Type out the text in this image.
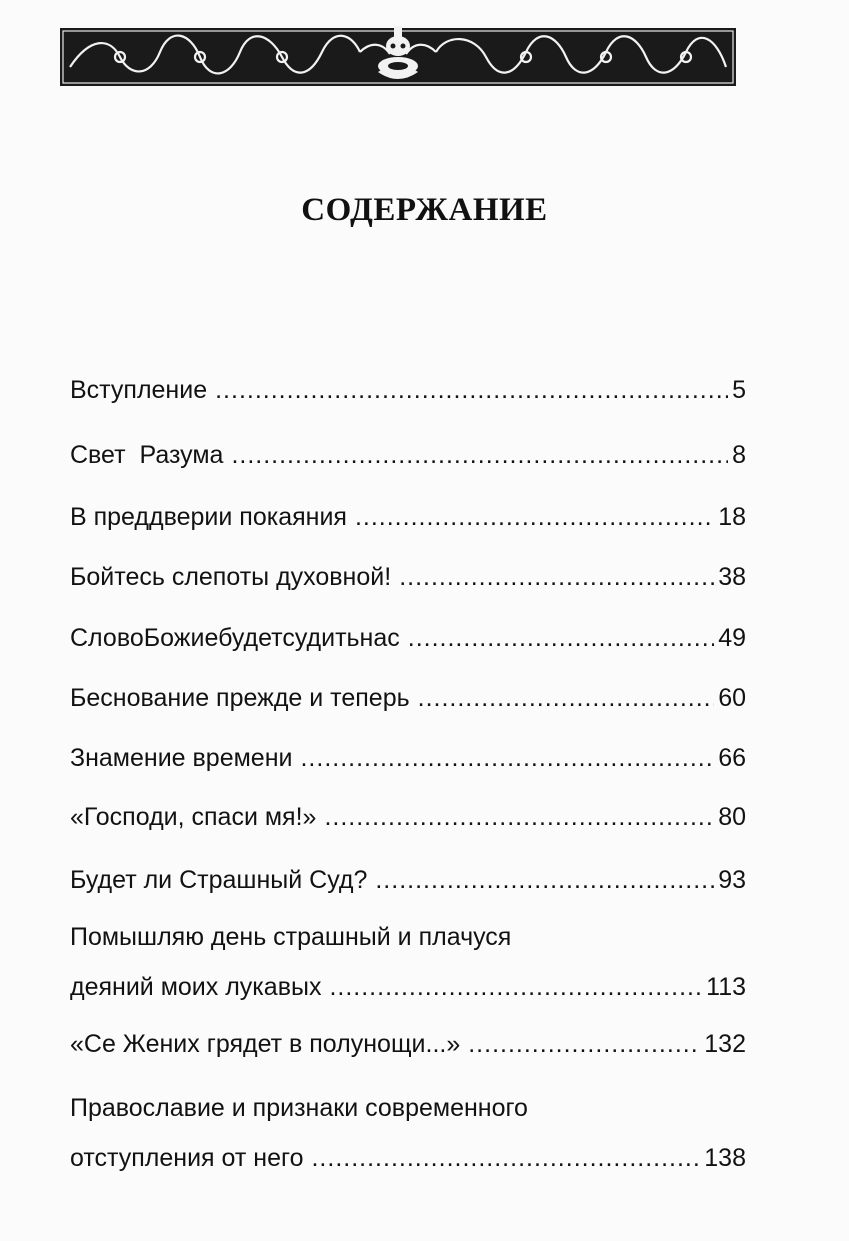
СОДЕРЖАНИЕ
Вступление .....	5
Свет  Разума .....	8
В преддверии покаяния .....	18
Бойтесь слепоты духовной! .....	38
СловоБожиебудетсудитьнас .....	49
Беснование прежде и теперь .....	60
Знамение времени .....	66
«Господи, спаси мя!» .....	80
Будет ли Страшный Суд? .....	93
Помышляю день страшный и плачуся
деяний моих лукавых .....	113
«Се Жених грядет в полунощи...» .....	132
Православие и признаки современного
отступления от него .....	138
